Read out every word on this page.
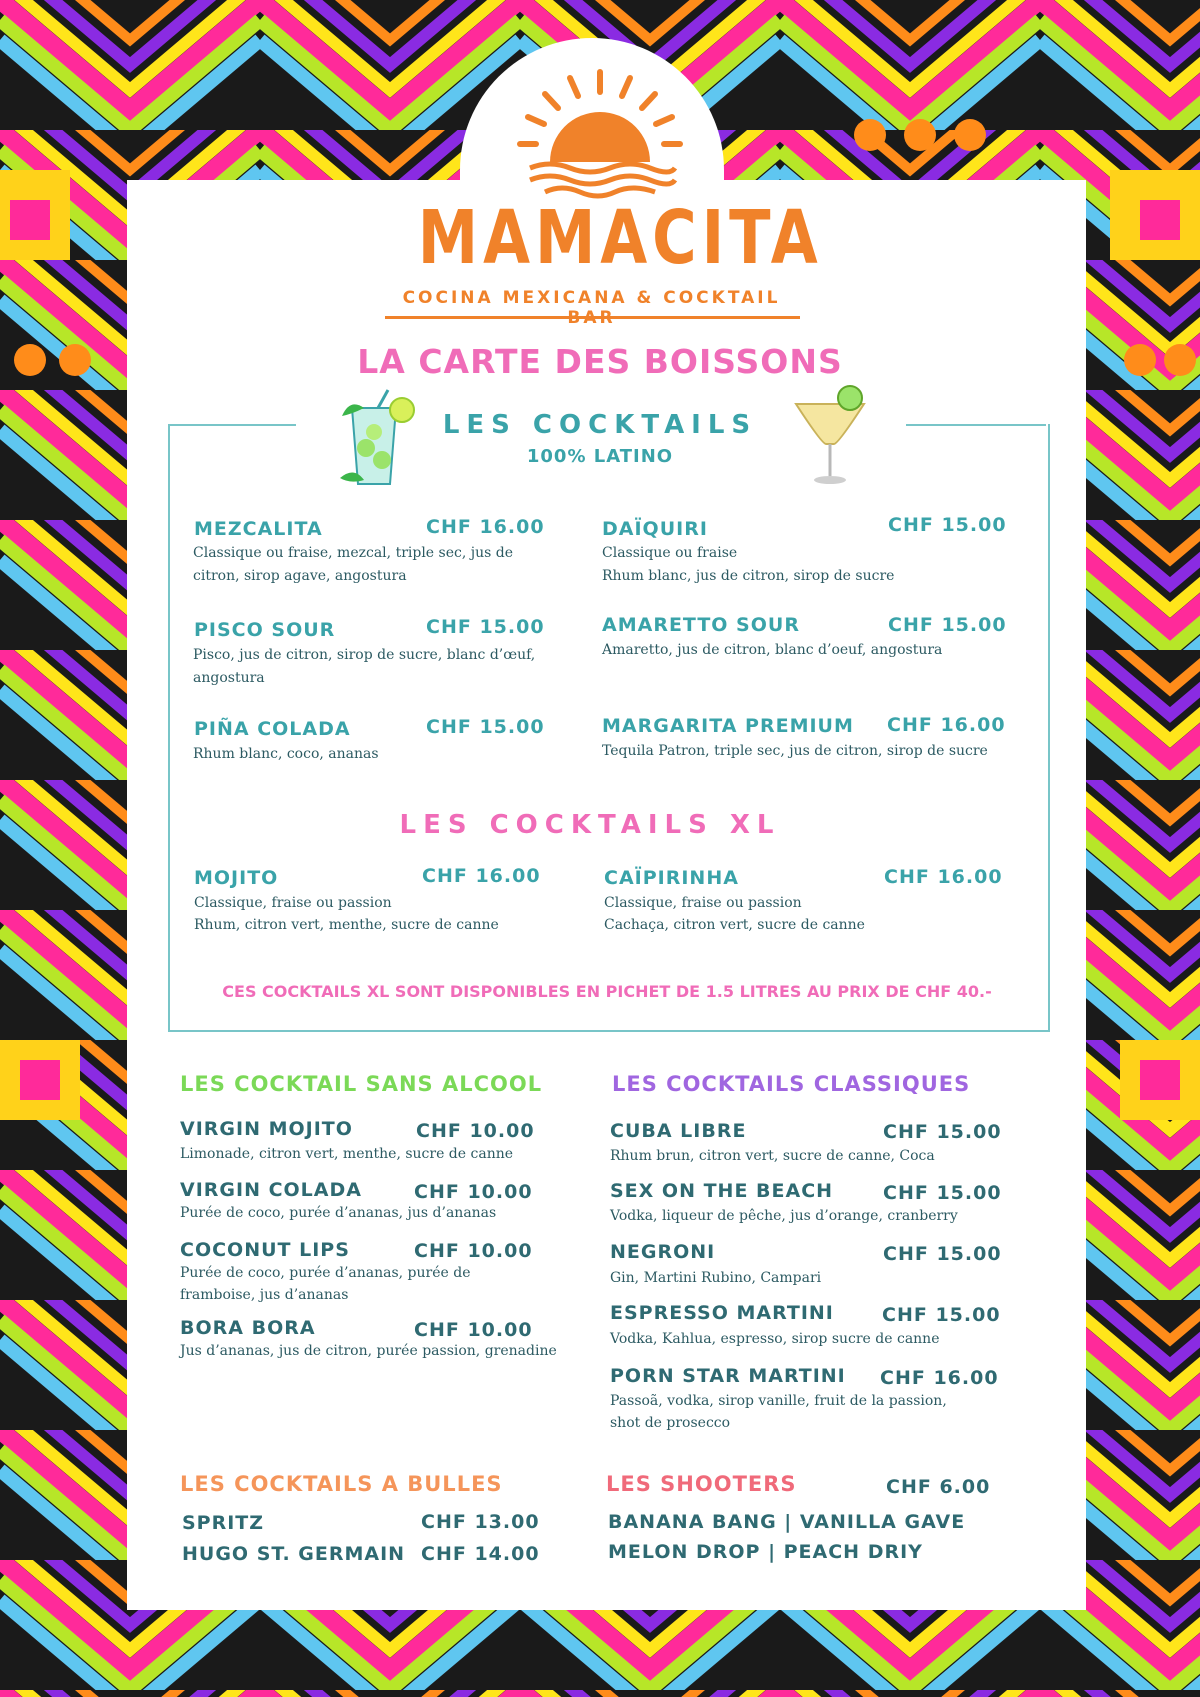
MAMACITA
COCINA MEXICANA & COCKTAIL
LA CARTE DES BOISSONS
LES COCKTAILS
100% LATINO
MEZCALITA	CHF 16.00
Classique ou fraise, mezcal, triple sec, jus de citron, sirop agave, angostura
DAÏQUIRI	CHF 15.00
Classique ou fraise
Rhum blanc, jus de citron, sirop de sucre
PISCO SOUR	CHF 15.00
Pisco, jus de citron, sirop de sucre, blanc d’œuf, angostura
AMARETTO SOUR	CHF 15.00
Amaretto, jus de citron, blanc d’oeuf, angostura
PIÑA COLADA	CHF 15.00
Rhum blanc, coco, ananas
MARGARITA PREMIUM CHF 16.00
Tequila Patron, triple sec, jus de citron, sirop de sucre
LES COCKTAILS XL
MOJITO	CHF 16.00
Classique, fraise ou passion
Rhum, citron vert, menthe, sucre de canne
CAÏPIRINHA	CHF 16.00
Classique, fraise ou passion
Cachaça, citron vert, sucre de canne
CES COCKTAILS XL SONT DISPONIBLES EN PICHET DE 1.5 LITRES AU PRIX DE CHF 40.-
LES COCKTAIL SANS ALCOOL
VIRGIN MOJITO	CHF 10.00
Limonade, citron vert, menthe, sucre de canne
VIRGIN COLADA	CHF 10.00
Purée de coco, purée d’ananas, jus d’ananas
COCONUT LIPS	CHF 10.00
Purée de coco, purée d’ananas, purée de framboise, jus d’ananas
BORA BORA	CHF 10.00
Jus d’ananas, jus de citron, purée passion, grenadine
LES COCKTAILS CLASSIQUES
CUBA LIBRE	CHF 15.00
Rhum brun, citron vert, sucre de canne, Coca
SEX ON THE BEACH	CHF 15.00
Vodka, liqueur de pêche, jus d’orange, cranberry
NEGRONI	CHF 15.00
Gin, Martini Rubino, Campari
ESPRESSO MARTINI	CHF 15.00
Vodka, Kahlua, espresso, sirop sucre de canne
PORN STAR MARTINI CHF 16.00
Passoã, vodka, sirop vanille, fruit de la passion, shot de prosecco
LES COCKTAILS A BULLES
SPRITZ	CHF 13.00
HUGO ST. GERMAIN CHF 14.00
LES SHOOTERS	CHF 6.00
BANANA BANG | VANILLA GAVE
MELON DROP | PEACH DRIY
